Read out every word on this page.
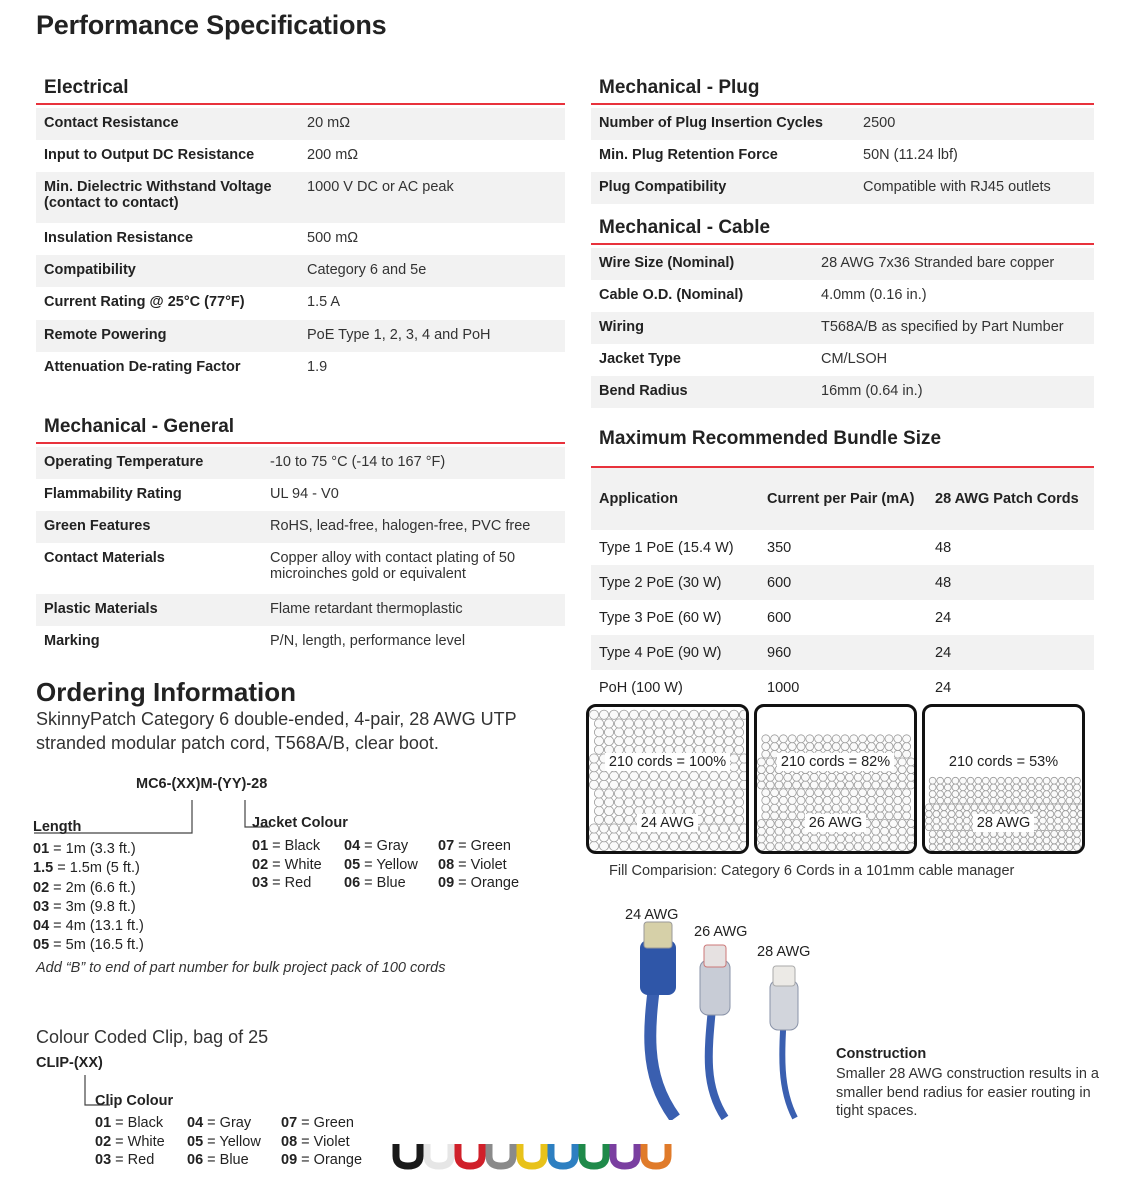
Performance Specifications
Electrical
Contact Resistance	20 mΩ
Input to Output DC Resistance	200 mΩ
Min. Dielectric Withstand Voltage (contact to contact)	1000 V DC or AC peak
Insulation Resistance	500 mΩ
Compatibility	Category 6 and 5e
Current Rating @ 25°C (77°F)	1.5 A
Remote Powering	PoE Type 1, 2, 3, 4 and PoH
Attenuation De-rating Factor	1.9
Mechanical - General
Operating Temperature	-10 to 75 °C (-14 to 167 °F)
Flammability Rating	UL 94 - V0
Green Features	RoHS, lead-free, halogen-free, PVC free
Contact Materials	Copper alloy with contact plating of 50 microinches gold or equivalent
Plastic Materials	Flame retardant thermoplastic
Marking	P/N, length, performance level
Ordering Information
SkinnyPatch Category 6 double-ended, 4-pair, 28 AWG UTP stranded modular patch cord, T568A/B, clear boot.
MC6-(XX)M-(YY)-28
Length
01 = 1m (3.3 ft.)
1.5 = 1.5m (5 ft.)
02 = 2m (6.6 ft.)
03 = 3m (9.8 ft.)
04 = 4m (13.1 ft.)
05 = 5m (16.5 ft.)
Jacket Colour
01 = Black
02 = White
03 = Red
04 = Gray
05 = Yellow
06 = Blue
07 = Green
08 = Violet
09 = Orange
Add “B” to end of part number for bulk project pack of 100 cords
Colour Coded Clip, bag of 25
CLIP-(XX)
Clip Colour
01 = Black
02 = White
03 = Red
04 = Gray
05 = Yellow
06 = Blue
07 = Green
08 = Violet
09 = Orange
Mechanical - Plug
Number of Plug Insertion Cycles	2500
Min. Plug Retention Force	50N (11.24 lbf)
Plug Compatibility	Compatible with RJ45 outlets
Mechanical - Cable
Wire Size (Nominal)	28 AWG 7x36 Stranded bare copper
Cable O.D. (Nominal)	4.0mm (0.16 in.)
Wiring	T568A/B as specified by Part Number
Jacket Type	CM/LSOH
Bend Radius	16mm (0.64 in.)
Maximum Recommended Bundle Size
Application	Current per Pair (mA)	28 AWG Patch Cords
Type 1 PoE (15.4 W)	350	48
Type 2 PoE (30 W)	600	48
Type 3 PoE (60 W)	600	24
Type 4 PoE (90 W)	960	24
PoH (100 W)	1000	24
210 cords = 100%
24 AWG
210 cords = 82%
26 AWG
210 cords = 53%
28 AWG
Fill Comparision: Category 6 Cords in a 101mm cable manager
24 AWG
26 AWG
28 AWG
Construction
Smaller 28 AWG construction results in a smaller bend radius for easier routing in tight spaces.
